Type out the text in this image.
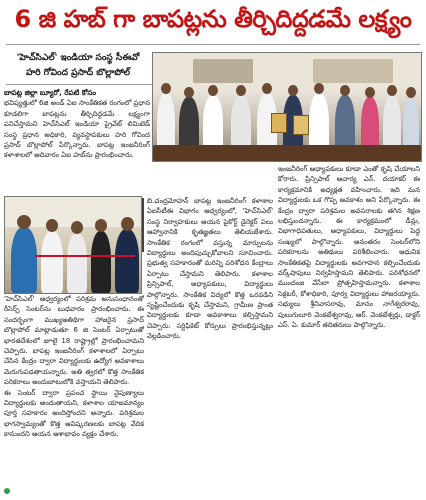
6 జి హబ్ గా బాపట్లను తీర్చిదిద్దడమే లక్ష్యం
'హెచ్‌సిఎల్' ఇండియా సంస్థ సీఈవో
హరి గోవింద ప్రసాద్ బొల్లాపోల్

బాపట్ల జిల్లా బ్యూరో, రేపటి కోసం

భవిష్యత్తులో 6జి అండ్ ఏఐ సాంకేతికత రంగంలో ప్రధాన కూడలిగా బాపట్లను తీర్చిదిద్దడమే లక్ష్యంగా పనిచేస్తామని హెచ్‌సిఎల్ ఇండియా ప్రైవేట్ లిమిటెడ్ సంస్థ ప్రధాన అధికారి, వ్యవస్థాపకులు హరి గోవింద ప్రసాద్ బొల్లాపోల్ పేర్కొన్నారు. బాపట్ల ఇంజనీరింగ్ కళాశాలలో ఆదివారం ఏఐ హబ్‌ను ప్రారంభించారు.

బి.చంద్రమోహన్ బాపట్ల ఇంజనీరింగ్ కళాశాల ఏఐసీటీఈ విభాగం ఆధ్వర్యంలో, 'హెచ్‌సిఎల్' సంస్థ నిర్వాహకులు ఆయన పైకోర్ట్ డైరెక్టర్ పలు ఆహ్వానానికి కృతజ్ఞతలు తెలియజేశారు. సాంకేతిక రంగంలో వస్తున్న మార్పులను విద్యార్థులు అందిపుచ్చుకోవాలని సూచించారు. ప్రభుత్వ సహకారంతో మరిన్ని పరిశోధన కేంద్రాలు ఏర్పాటు చేస్తామని తెలిపారు. కళాశాల ప్రిన్సిపాల్, అధ్యాపకులు, విద్యార్థులు పాల్గొన్నారు. సాంకేతిక విద్యలో కొత్త ఒరవడిని సృష్టించేందుకు కృషి చేస్తామని, గ్రామీణ ప్రాంత విద్యార్థులకు కూడా అవకాశాలు కల్పిస్తామని చెప్పారు. సర్టిఫికెట్ కోర్సులు ప్రారంభిస్తున్నట్లు వెల్లడించారు.

'హెచ్‌సిఎల్' ఆధ్వర్యంలో పరిశ్రమ అనుసంధానంతో రీసెర్చ్ సెంటర్‌ను బుధవారం ప్రారంభించారు. ఈ సందర్భంగా ముఖ్యఅతిథిగా హాజరైన ప్రసాద్ బొల్లాపోల్ మాట్లాడుతూ 6 జి సెంటర్ ఏర్పాటుతో భారతదేశంలో జూలై 18 రాష్ట్రాల్లో ప్రారంభించామని చెప్పారు. బాపట్ల ఇంజనీరింగ్ కళాశాలలో ఏర్పాటు చేసిన కేంద్రం ద్వారా విద్యార్థులకు ఉద్యోగ అవకాశాలు మెరుగుపడతాయన్నారు. అతి త్వరలో కొత్త సాంకేతిక పరికరాలు అందుబాటులోకి వస్తాయని తెలిపారు.

ఈ సెంటర్ ద్వారా ప్రపంచ స్థాయి నైపుణ్యాలు విద్యార్థులకు అందుతాయని, కళాశాల యాజమాన్యం పూర్తి సహకారం అందిస్తోందని అన్నారు. పరిశ్రమల భాగస్వామ్యంతో కొత్త ఆవిష్కరణలకు బాపట్ల వేదిక కానుందని ఆయన ఆశాభావం వ్యక్తం చేశారు.

ఇంజనీరింగ్ ఆధ్యాపకులు కూడా ఎంతో కృషి చేయాలని కోరారు. ప్రిన్సిపాల్ ఆచార్య ఎన్. దయాకర్ ఈ కార్యక్రమానికి అధ్యక్షత వహించారు. ఇది మన విద్యార్థులకు ఒక గొప్ప అవకాశం అని పేర్కొన్నారు. ఈ కేంద్రం ద్వారా పరిశ్రమల అవసరాలకు తగిన శిక్షణ లభిస్తుందన్నారు. ఈ కార్యక్రమంలో డీన్లు, విభాగాధిపతులు, అధ్యాపకులు, విద్యార్థులు పెద్ద సంఖ్యలో పాల్గొన్నారు. అనంతరం సెంటర్‌లోని పరికరాలను అతిథులు పరిశీలించారు. ఆధునిక సాంకేతికతపై విద్యార్థులకు అవగాహన కల్పించేందుకు వర్క్‌షాపులు నిర్వహిస్తామని తెలిపారు. పరిశోధనలో ముందంజ వేసేలా ప్రోత్సహిస్తామన్నారు. కళాశాల సెక్రటరీ, కోశాధికారి, పూర్వ విద్యార్థులు హాజరయ్యారు. సభ్యులు శ్రీనివాసరావు, మానం నాగేశ్వరరావు, పులుగులూరి వెంకటేశ్వరావు, ఆర్. వెంకటేశ్వర్లు, డాక్టర్ ఎస్. ఏ. కుమార్ తదితరులు పాల్గొన్నారు.
